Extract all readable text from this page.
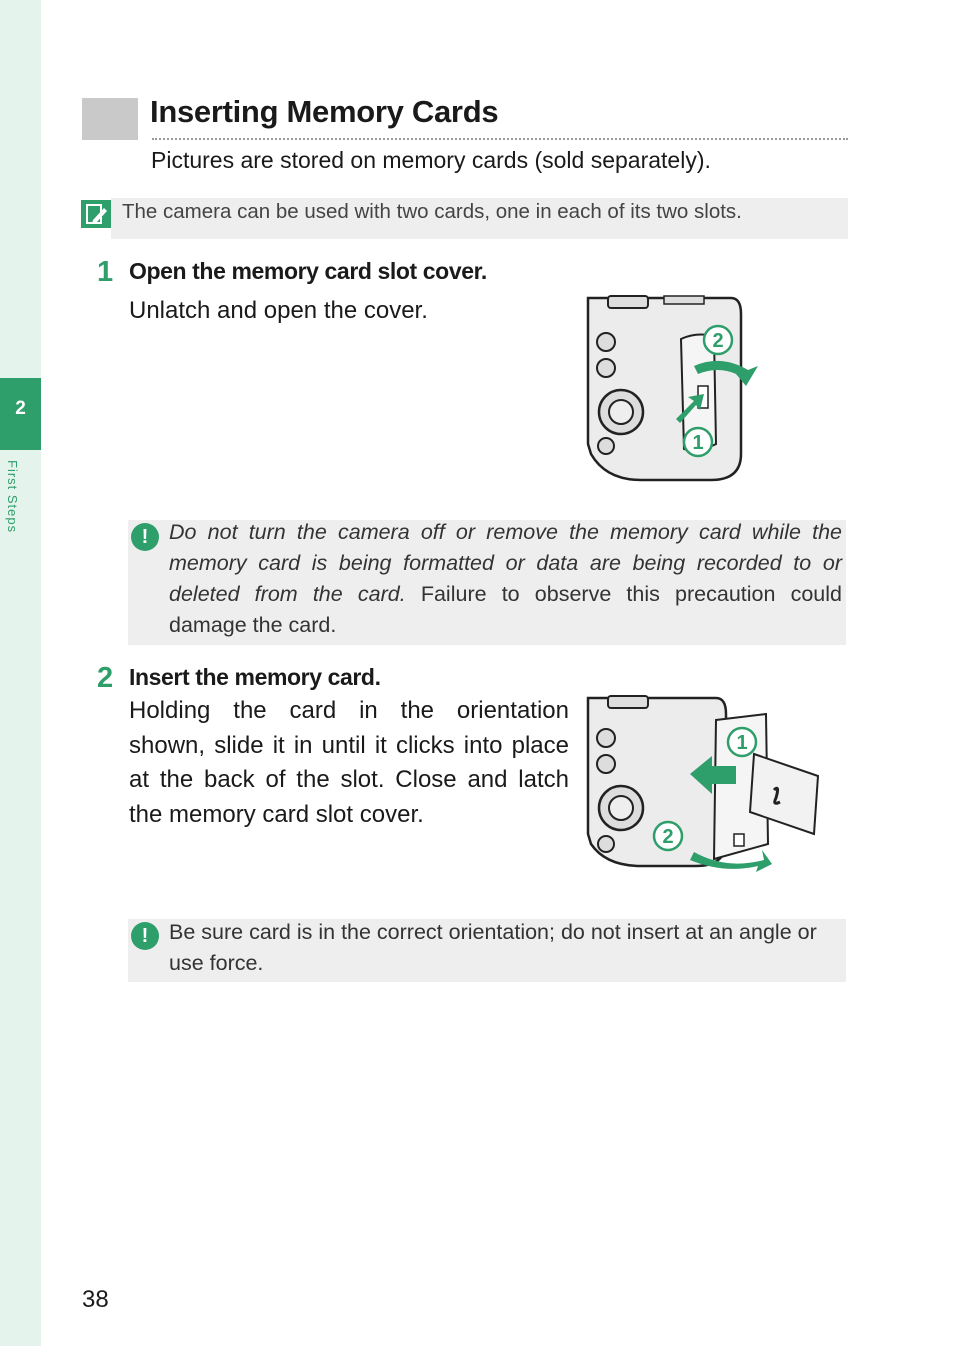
2
First Steps
Inserting Memory Cards
Pictures are stored on memory cards (sold separately).
The camera can be used with two cards, one in each of its two slots.
1 Open the memory card slot cover.
Unlatch and open the cover.
2
1
! Do not turn the camera off or remove the memory card while the memory card is being formatted or data are being recorded to or deleted from the card. Failure to observe this precaution could damage the card.
2 Insert the memory card.
Holding the card in the orientation shown, slide it in until it clicks into place at the back of the slot. Close and latch the memory card slot cover.
1
2
! Be sure card is in the correct orientation; do not insert at an angle or use force.
38
